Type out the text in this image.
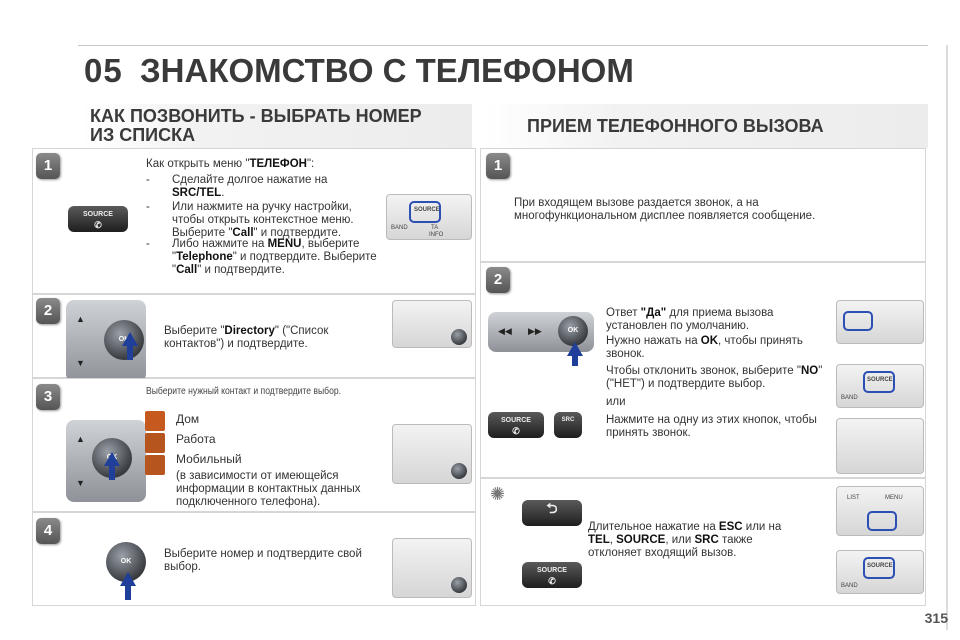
05 ЗНАКОМСТВО С ТЕЛЕФОНОМ
КАК ПОЗВОНИТЬ - ВЫБРАТЬ НОМЕР
ИЗ СПИСКА	ПРИЕМ ТЕЛЕФОННОГО ВЫЗОВА
1
SOURCE
✆
Как открыть меню "ТЕЛЕФОН":
-	Сделайте долгое нажатие на
SRC/TEL.
-	Или нажмите на ручку настройки, чтобы открыть контекстное меню. Выберите "Call" и подтвердите.
-	Либо нажмите на MENU, выберите "Telephone" и подтвердите. Выберите "Call" и подтвердите.
SOURCE
BAND	TA
INFO
2	▲
▼
OK
Выберите "Directory" ("Список контактов") и подтвердите.
3	Выберите нужный контакт и подтвердите выбор.
▲
▼
OK
Дом
Работа
Мобильный
(в зависимости от имеющейся информации в контактных данных подключенного телефона).
4
OK
Выберите номер и подтвердите свой выбор.
1
При входящем вызове раздается звонок, а на многофункциональном дисплее появляется сообщение.
2
◀◀ ▶▶	OK
SOURCE
✆
SRC
Ответ "Да" для приема вызова установлен по умолчанию.
Нужно нажать на OK, чтобы принять звонок.
Чтобы отклонить звонок, выберите "NO" ("НЕТ") и подтвердите выбор.
или
Нажмите на одну из этих кнопок, чтобы принять звонок.
SOURCE
BAND
✺
⮌
SOURCE
✆
Длительное нажатие на ESC или на TEL, SOURCE, или SRC также отклоняет входящий вызов.
LIST	MENU
SOURCE
BAND
315
